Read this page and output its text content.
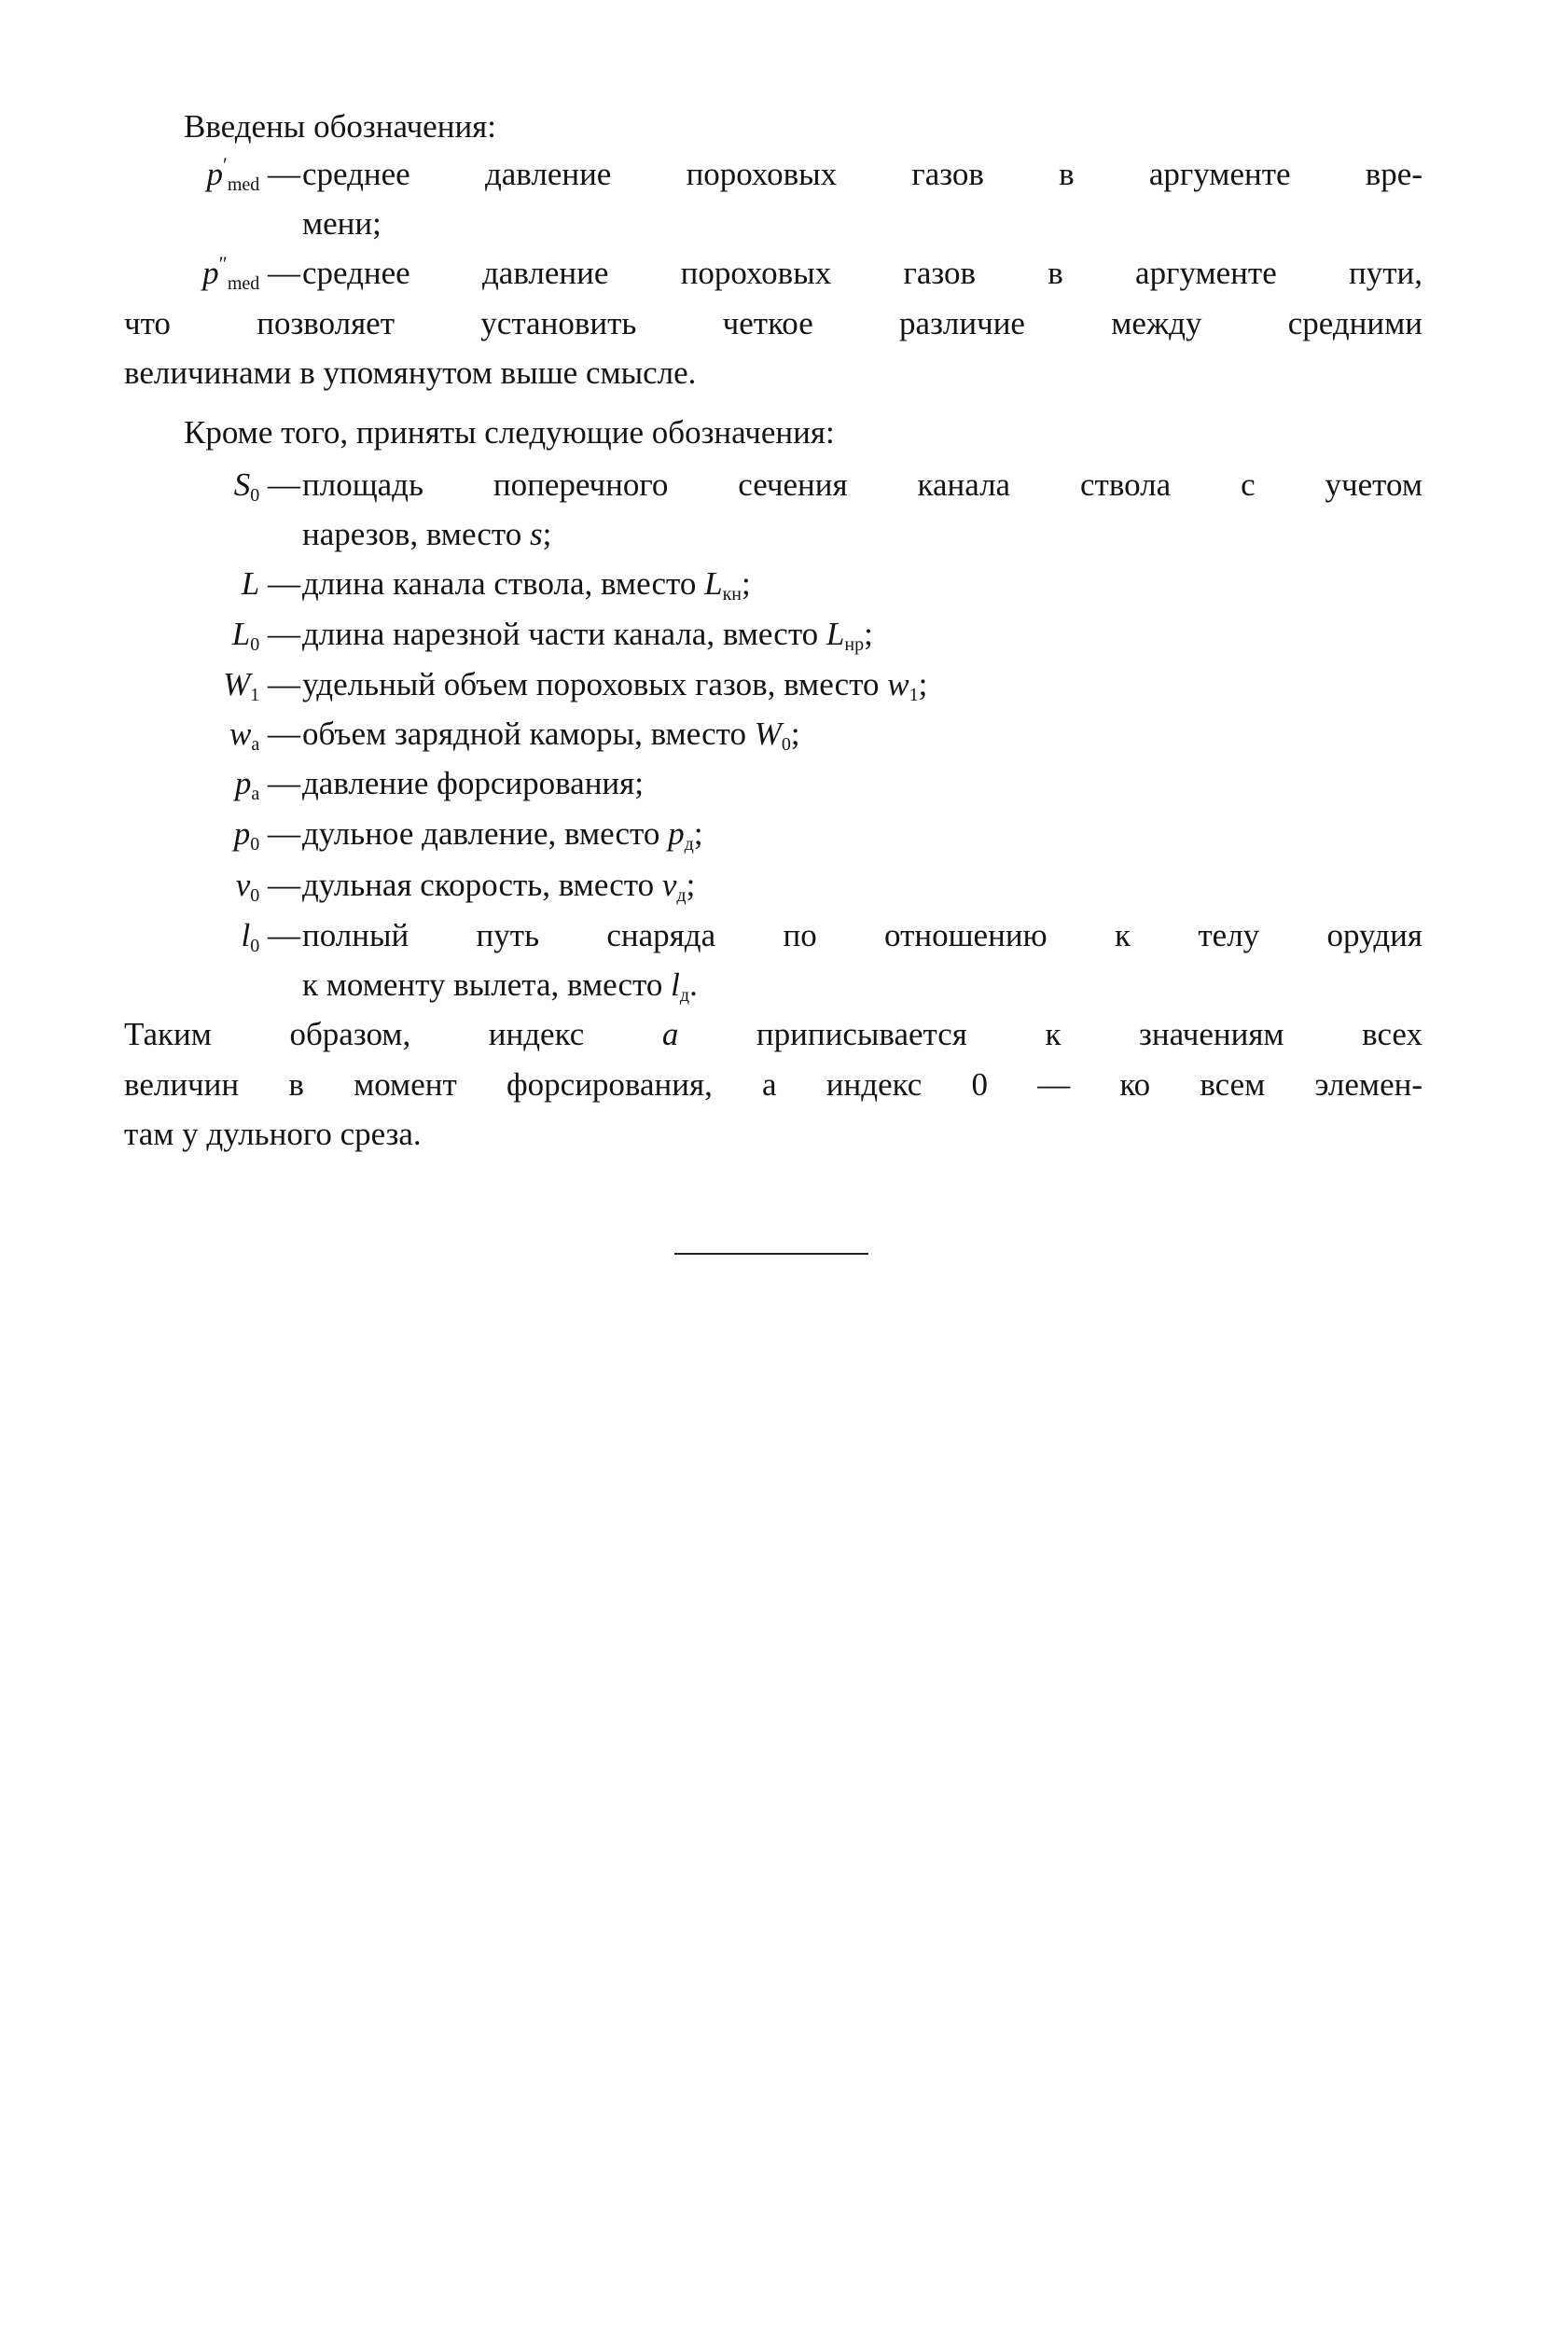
Введены обозначения:
$p'_{med}$ — среднее давление пороховых газов в аргументе вре-
мени;
$p''_{med}$ — среднее давление пороховых газов в аргументе пути,
что позволяет установить четкое различие между средними
величинами в упомянутом выше смысле.
Кроме того, приняты следующие обозначения:
$S_0$ — площадь поперечного сечения канала ствола с учетом
нарезов, вместо s;
L — длина канала ствола, вместо $L_{кн}$;
$L_0$ — длина нарезной части канала, вместо $L_{нр}$;
$W_1$ — удельный объем пороховых газов, вместо $w_1$;
$w_a$ — объем зарядной каморы, вместо $W_0$;
$p_a$ — давление форсирования;
$p_0$ — дульное давление, вместо $p_д$;
$v_0$ — дульная скорость, вместо $v_д$;
$l_0$ — полный путь снаряда по отношению к телу орудия
к моменту вылета, вместо $l_д$.
Таким образом, индекс a приписывается к значениям всех
величин в момент форсирования, а индекс 0 — ко всем элемен-
там у дульного среза.
